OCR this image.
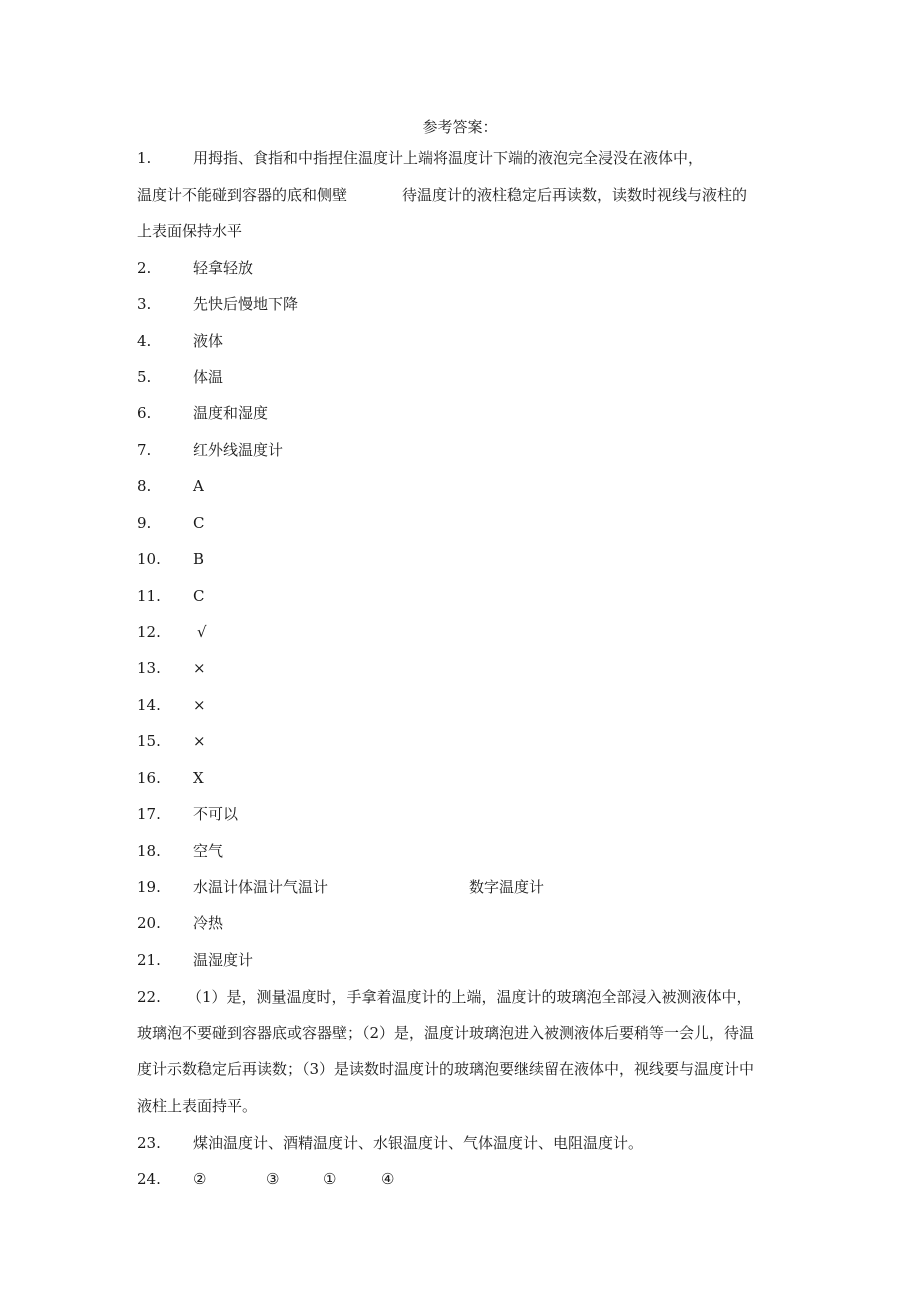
参考答案：
1.	用拇指、食指和中指捏住温度计上端将温度计下端的液泡完全浸没在液体中，
温度计不能碰到容器的底和侧壁	待温度计的液柱稳定后再读数，读数时视线与液柱的
上表面保持水平
2.	轻拿轻放
3.	先快后慢地下降
4.	液体
5.	体温
6.	温度和湿度
7.	红外线温度计
8.	A
9.	C
10. B
11. C
12. √
13. ×
14. ×
15. ×
16. X
17. 不可以
18. 空气
19. 水温计体温计气温计	数字温度计
20. 冷热
21. 温湿度计
22. （1）是，测量温度时，手拿着温度计的上端，温度计的玻璃泡全部浸入被测液体中，
玻璃泡不要碰到容器底或容器壁；（2）是，温度计玻璃泡进入被测液体后要稍等一会儿，待温
度计示数稳定后再读数；（3）是读数时温度计的玻璃泡要继续留在液体中，视线要与温度计中
液柱上表面持平。
23. 煤油温度计、酒精温度计、水银温度计、气体温度计、电阻温度计。
24. ②	③	①	④
